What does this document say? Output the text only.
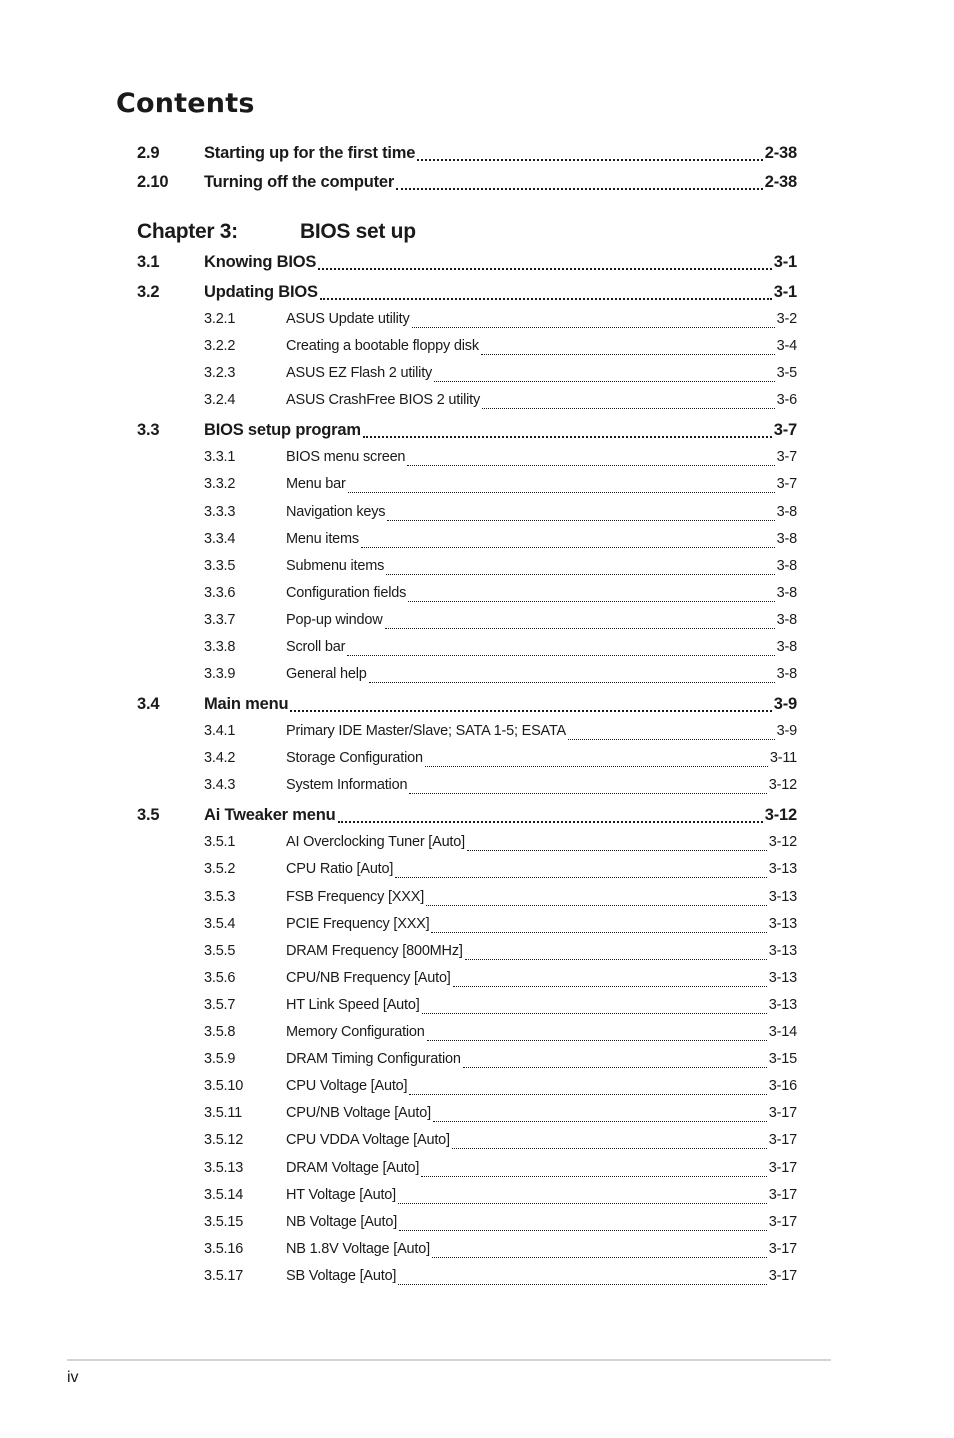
Contents
2.9	Starting up for the first time	2-38
2.10	Turning off the computer	2-38
Chapter 3:	BIOS set up
3.1	Knowing BIOS	3-1
3.2	Updating BIOS	3-1
3.2.1	ASUS Update utility	3-2
3.2.2	Creating a bootable floppy disk	3-4
3.2.3	ASUS EZ Flash 2 utility	3-5
3.2.4	ASUS CrashFree BIOS 2 utility	3-6
3.3	BIOS setup program	3-7
3.3.1	BIOS menu screen	3-7
3.3.2	Menu bar	3-7
3.3.3	Navigation keys	3-8
3.3.4	Menu items	3-8
3.3.5	Submenu items	3-8
3.3.6	Configuration fields	3-8
3.3.7	Pop-up window	3-8
3.3.8	Scroll bar	3-8
3.3.9	General help	3-8
3.4	Main menu	3-9
3.4.1	Primary IDE Master/Slave; SATA 1-5; ESATA	3-9
3.4.2	Storage Configuration	3-11
3.4.3	System Information	3-12
3.5	Ai Tweaker menu	3-12
3.5.1	AI Overclocking Tuner [Auto]	3-12
3.5.2	CPU Ratio [Auto]	3-13
3.5.3	FSB Frequency [XXX]	3-13
3.5.4	PCIE Frequency [XXX]	3-13
3.5.5	DRAM Frequency [800MHz]	3-13
3.5.6	CPU/NB Frequency [Auto]	3-13
3.5.7	HT Link Speed [Auto]	3-13
3.5.8	Memory Configuration	3-14
3.5.9	DRAM Timing Configuration	3-15
3.5.10	CPU Voltage [Auto]	3-16
3.5.11	CPU/NB Voltage [Auto]	3-17
3.5.12	CPU VDDA Voltage [Auto]	3-17
3.5.13	DRAM Voltage [Auto]	3-17
3.5.14	HT Voltage [Auto]	3-17
3.5.15	NB Voltage [Auto]	3-17
3.5.16	NB 1.8V Voltage [Auto]	3-17
3.5.17	SB Voltage [Auto]	3-17
iv
